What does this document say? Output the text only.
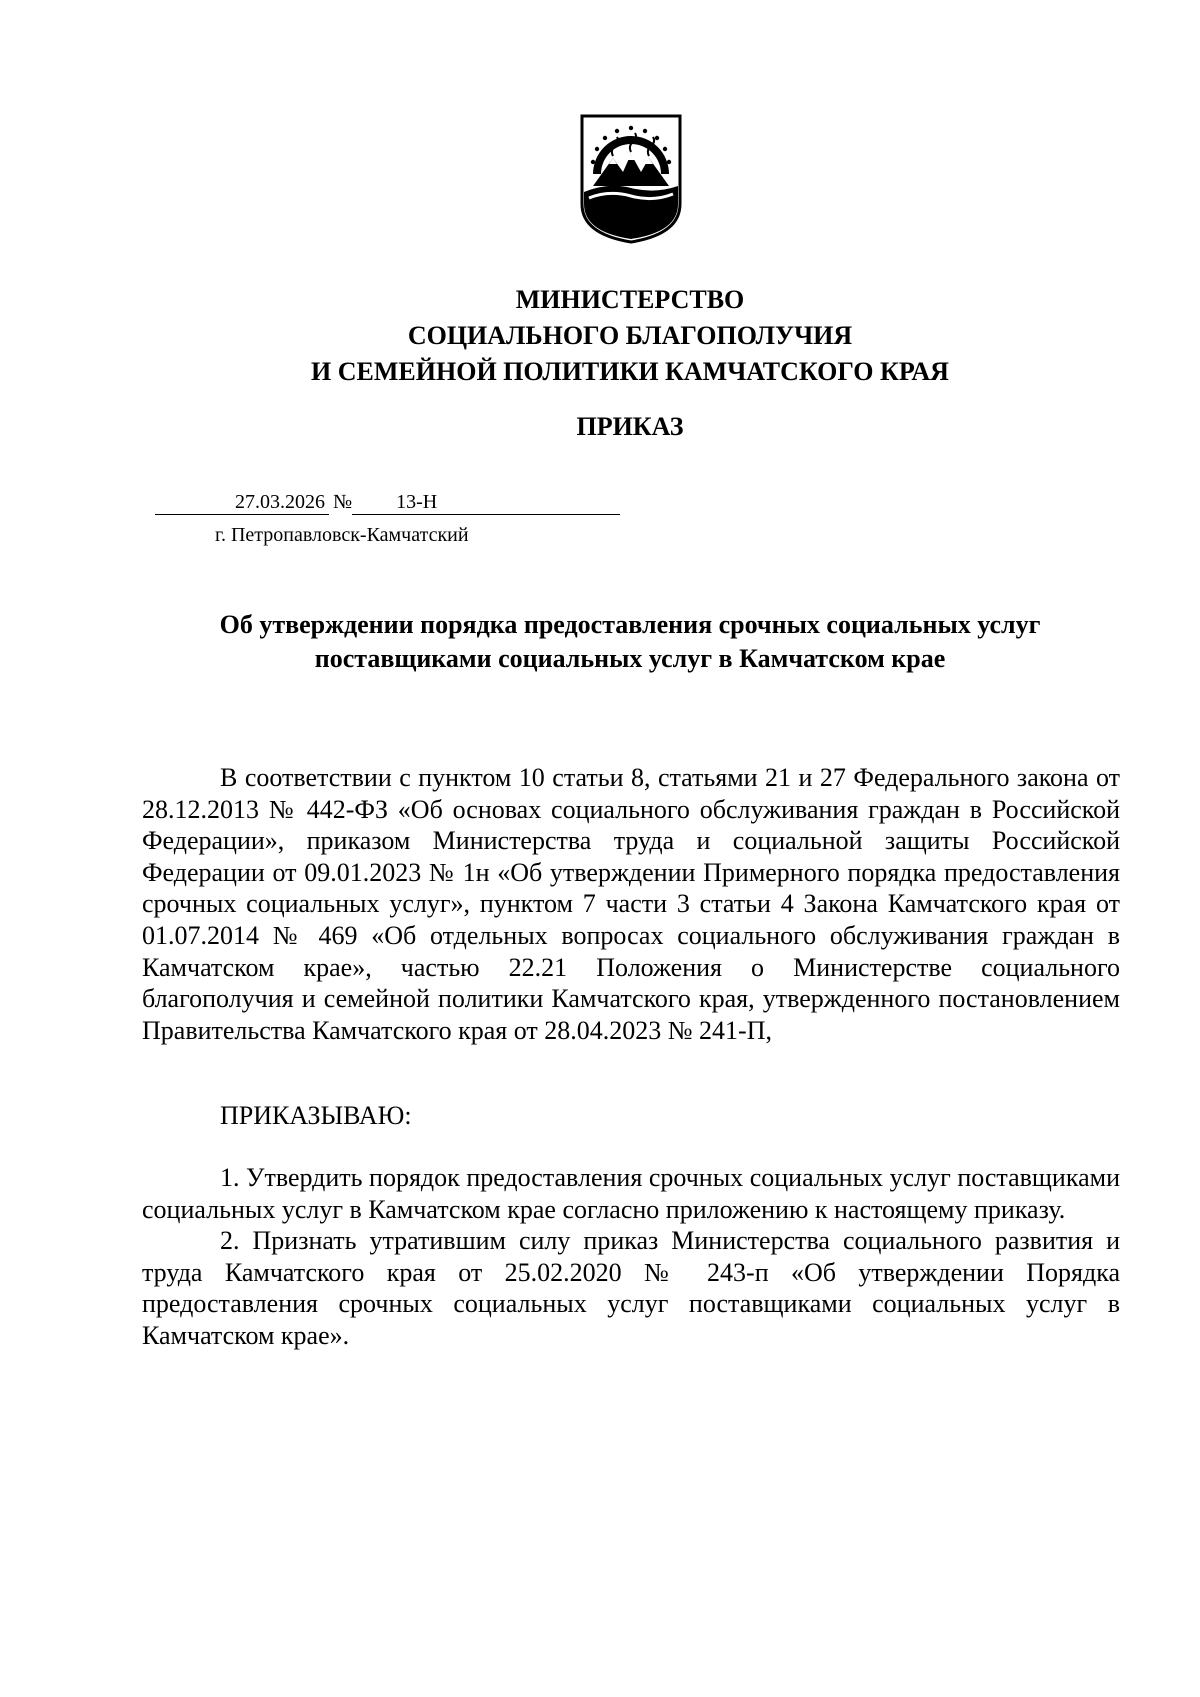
МИНИСТЕРСТВО
СОЦИАЛЬНОГО БЛАГОПОЛУЧИЯ
И СЕМЕЙНОЙ ПОЛИТИКИ КАМЧАТСКОГО КРАЯ
ПРИКАЗ
27.03.2026 № 13-Н
г. Петропавловск-Камчатский
Об утверждении порядка предоставления срочных социальных услуг поставщиками социальных услуг в Камчатском крае

В соответствии с пунктом 10 статьи 8, статьями 21 и 27 Федерального закона от 28.12.2013 № 442-ФЗ «Об основах социального обслуживания граждан в Российской Федерации», приказом Министерства труда и социальной защиты Российской Федерации от 09.01.2023 № 1н «Об утверждении Примерного порядка предоставления срочных социальных услуг», пунктом 7 части 3 статьи 4 Закона Камчатского края от 01.07.2014 № 469 «Об отдельных вопросах социального обслуживания граждан в Камчатском крае», частью 22.21 Положения о Министерстве социального благополучия и семейной политики Камчатского края, утвержденного постановлением Правительства Камчатского края от 28.04.2023 № 241-П,

ПРИКАЗЫВАЮ:

1. Утвердить порядок предоставления срочных социальных услуг поставщиками социальных услуг в Камчатском крае согласно приложению к настоящему приказу.

2. Признать утратившим силу приказ Министерства социального развития и труда Камчатского края от 25.02.2020 № 243-п «Об утверждении Порядка предоставления срочных социальных услуг поставщиками социальных услуг в Камчатском крае».
